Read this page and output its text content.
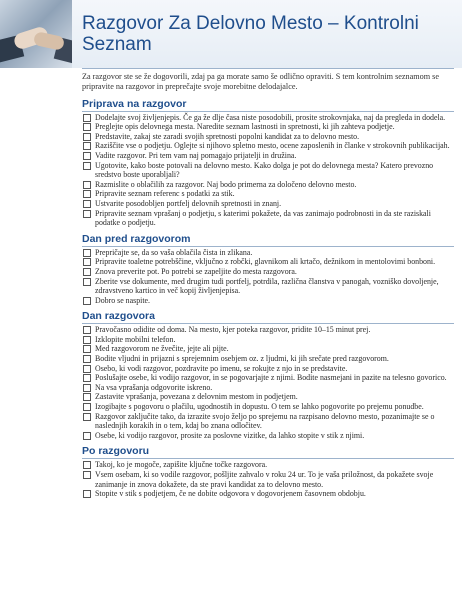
Razgovor Za Delovno Mesto – Kontrolni Seznam

Za razgovor ste se že dogovorili, zdaj pa ga morate samo še odlično opraviti. S tem kontrolnim seznamom se pripravite na razgovor in preprečajte svoje morebitne delodajalce.

Priprava na razgovor
Dodelajte svoj življenjepis. Če ga že dlje časa niste posodobili, prosite strokovnjaka, naj da pregleda in dodela.
Preglejte opis delovnega mesta. Naredite seznam lastnosti in spretnosti, ki jih zahteva podjetje.
Predstavite, zakaj ste zaradi svojih spretnosti popolni kandidat za to delovno mesto.
Raziščite vse o podjetju. Oglejte si njihovo spletno mesto, ocene zaposlenih in članke v strokovnih publikacijah.
Vadite razgovor. Pri tem vam naj pomagajo prijatelji in družina.
Ugotovite, kako boste potovali na delovno mesto. Kako dolga je pot do delovnega mesta? Katero prevozno sredstvo boste uporabljali?
Razmislite o oblačilih za razgovor. Naj bodo primerna za določeno delovno mesto.
Pripravite seznam referenc s podatki za stik.
Ustvarite posodobljen portfelj delovnih spretnosti in znanj.
Pripravite seznam vprašanj o podjetju, s katerimi pokažete, da vas zanimajo podrobnosti in da ste raziskali podatke o podjetju.
Dan pred razgovorom
Prepričajte se, da so vaša oblačila čista in zlikana.
Pripravite toaletne potrebščine, vključno z robčki, glavnikom ali krtačo, dežnikom in mentolovimi bonboni.
Znova preverite pot. Po potrebi se zapeljite do mesta razgovora.
Zberite vse dokumente, med drugim tudi portfelj, potrdila, različna članstva v panogah, vozniško dovoljenje, zdravstveno kartico in več kopij življenjepisa.
Dobro se naspite.
Dan razgovora
Pravočasno odidite od doma. Na mesto, kjer poteka razgovor, pridite 10–15 minut prej.
Izklopite mobilni telefon.
Med razgovorom ne žvečite, jejte ali pijte.
Bodite vljudni in prijazni s sprejemnim osebjem oz. z ljudmi, ki jih srečate pred razgovorom.
Osebo, ki vodi razgovor, pozdravite po imenu, se rokujte z njo in se predstavite.
Poslušajte osebe, ki vodijo razgovor, in se pogovarjajte z njimi. Bodite nasmejani in pazite na telesno govorico.
Na vsa vprašanja odgovorite iskreno.
Zastavite vprašanja, povezana z delovnim mestom in podjetjem.
Izogibajte s pogovoru o plačilu, ugodnostih in dopustu. O tem se lahko pogovorite po prejemu ponudbe.
Razgovor zaključite tako, da izrazite svojo željo po sprejemu na razpisano delovno mesto, pozanimajte se o naslednjih korakih in o tem, kdaj bo znana odločitev.
Osebe, ki vodijo razgovor, prosite za poslovne vizitke, da lahko stopite v stik z njimi.
Po razgovoru
Takoj, ko je mogoče, zapišite ključne točke razgovora.
Vsem osebam, ki so vodile razgovor, pošljite zahvalo v roku 24 ur. To je vaša priložnost, da pokažete svoje zanimanje in znova dokažete, da ste pravi kandidat za to delovno mesto.
Stopite v stik s podjetjem, če ne dobite odgovora v dogovorjenem časovnem obdobju.
